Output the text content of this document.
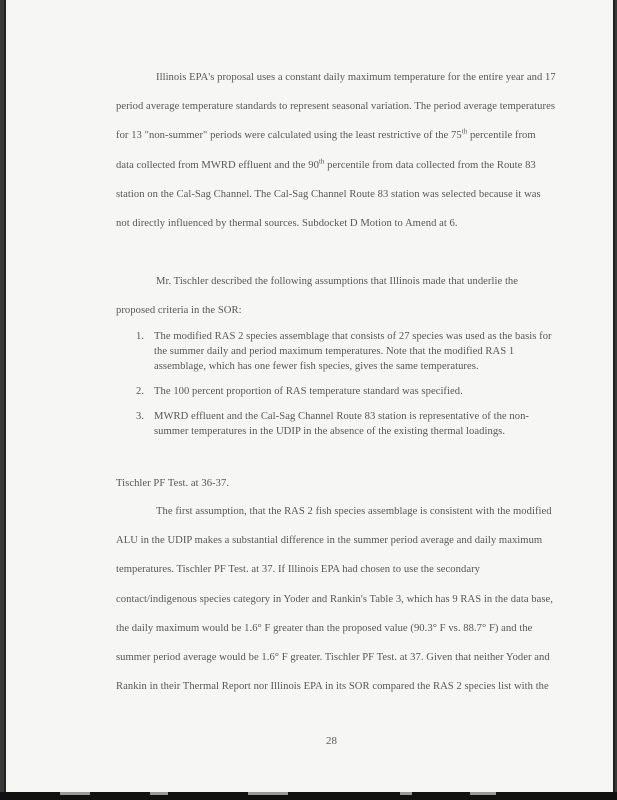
Illinois EPA's proposal uses a constant daily maximum temperature for the entire year and 17 period average temperature standards to represent seasonal variation. The period average temperatures for 13 "non-summer" periods were calculated using the least restrictive of the 75th percentile from data collected from MWRD effluent and the 90th percentile from data collected from the Route 83 station on the Cal-Sag Channel. The Cal-Sag Channel Route 83 station was selected because it was not directly influenced by thermal sources. Subdocket D Motion to Amend at 6.

Mr. Tischler described the following assumptions that Illinois made that underlie the proposed criteria in the SOR:

1. The modified RAS 2 species assemblage that consists of 27 species was used as the basis for the summer daily and period maximum temperatures. Note that the modified RAS 1 assemblage, which has one fewer fish species, gives the same temperatures.
2. The 100 percent proportion of RAS temperature standard was specified.
3. MWRD effluent and the Cal-Sag Channel Route 83 station is representative of the non-summer temperatures in the UDIP in the absence of the existing thermal loadings.

Tischler PF Test. at 36-37.

The first assumption, that the RAS 2 fish species assemblage is consistent with the modified ALU in the UDIP makes a substantial difference in the summer period average and daily maximum temperatures. Tischler PF Test. at 37. If Illinois EPA had chosen to use the secondary contact/indigenous species category in Yoder and Rankin's Table 3, which has 9 RAS in the data base, the daily maximum would be 1.6° F greater than the proposed value (90.3° F vs. 88.7° F) and the summer period average would be 1.6° F greater. Tischler PF Test. at 37. Given that neither Yoder and Rankin in their Thermal Report nor Illinois EPA in its SOR compared the RAS 2 species list with the

28
